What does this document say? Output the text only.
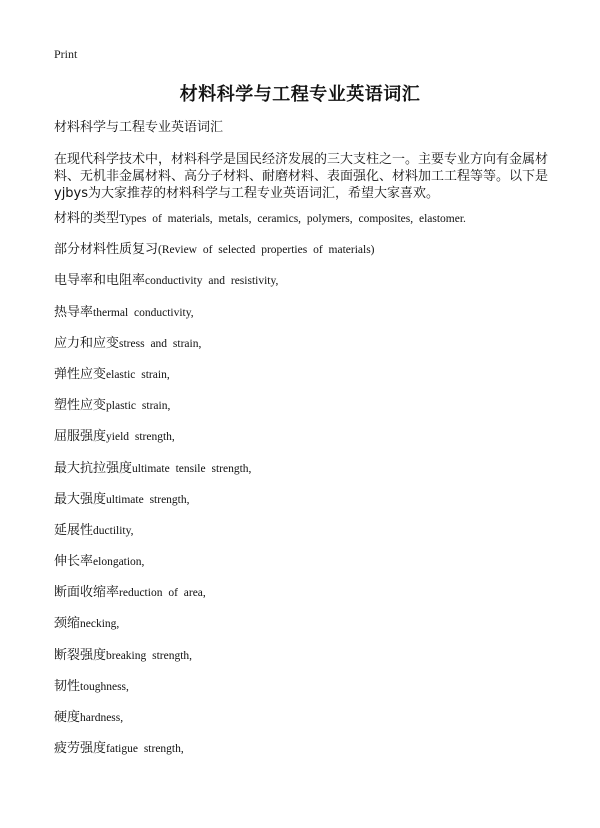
Print
材料科学与工程专业英语词汇

材料科学与工程专业英语词汇

在现代科学技术中，材料科学是国民经济发展的三大支柱之一。主要专业方向有金属材料、无机非金属材料、高分子材料、耐磨材料、表面强化、材料加工工程等等。以下是yjbys为大家推荐的材料科学与工程专业英语词汇，希望大家喜欢。

材料的类型Types of materials, metals, ceramics, polymers, composites, elastomer.
部分材料性质复习(Review of selected properties of materials)
电导率和电阻率conductivity and resistivity,
热导率thermal conductivity,
应力和应变stress and strain,
弹性应变elastic strain,
塑性应变plastic strain,
屈服强度yield strength,
最大抗拉强度ultimate tensile strength,
最大强度ultimate strength,
延展性ductility,
伸长率elongation,
断面收缩率reduction of area,
颈缩necking,
断裂强度breaking strength,
韧性toughness,
硬度hardness,
疲劳强度fatigue strength,
